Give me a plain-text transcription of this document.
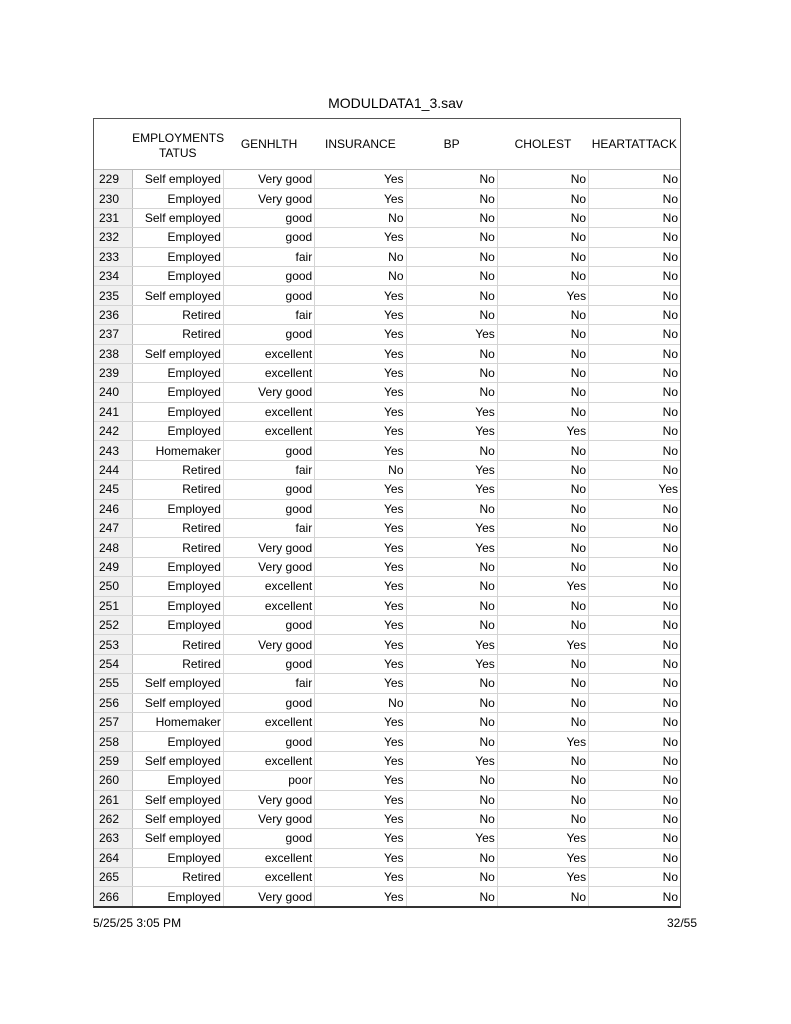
MODULDATA1_3.sav
	EMPLOYMENTS
TATUS	GENHLTH	INSURANCE	BP	CHOLEST	HEARTATTACK
229	Self employed	Very good	Yes	No	No	No
230	Employed	Very good	Yes	No	No	No
231	Self employed	good	No	No	No	No
232	Employed	good	Yes	No	No	No
233	Employed	fair	No	No	No	No
234	Employed	good	No	No	No	No
235	Self employed	good	Yes	No	Yes	No
236	Retired	fair	Yes	No	No	No
237	Retired	good	Yes	Yes	No	No
238	Self employed	excellent	Yes	No	No	No
239	Employed	excellent	Yes	No	No	No
240	Employed	Very good	Yes	No	No	No
241	Employed	excellent	Yes	Yes	No	No
242	Employed	excellent	Yes	Yes	Yes	No
243	Homemaker	good	Yes	No	No	No
244	Retired	fair	No	Yes	No	No
245	Retired	good	Yes	Yes	No	Yes
246	Employed	good	Yes	No	No	No
247	Retired	fair	Yes	Yes	No	No
248	Retired	Very good	Yes	Yes	No	No
249	Employed	Very good	Yes	No	No	No
250	Employed	excellent	Yes	No	Yes	No
251	Employed	excellent	Yes	No	No	No
252	Employed	good	Yes	No	No	No
253	Retired	Very good	Yes	Yes	Yes	No
254	Retired	good	Yes	Yes	No	No
255	Self employed	fair	Yes	No	No	No
256	Self employed	good	No	No	No	No
257	Homemaker	excellent	Yes	No	No	No
258	Employed	good	Yes	No	Yes	No
259	Self employed	excellent	Yes	Yes	No	No
260	Employed	poor	Yes	No	No	No
261	Self employed	Very good	Yes	No	No	No
262	Self employed	Very good	Yes	No	No	No
263	Self employed	good	Yes	Yes	Yes	No
264	Employed	excellent	Yes	No	Yes	No
265	Retired	excellent	Yes	No	Yes	No
266	Employed	Very good	Yes	No	No	No
5/25/25 3:05 PM	32/55
